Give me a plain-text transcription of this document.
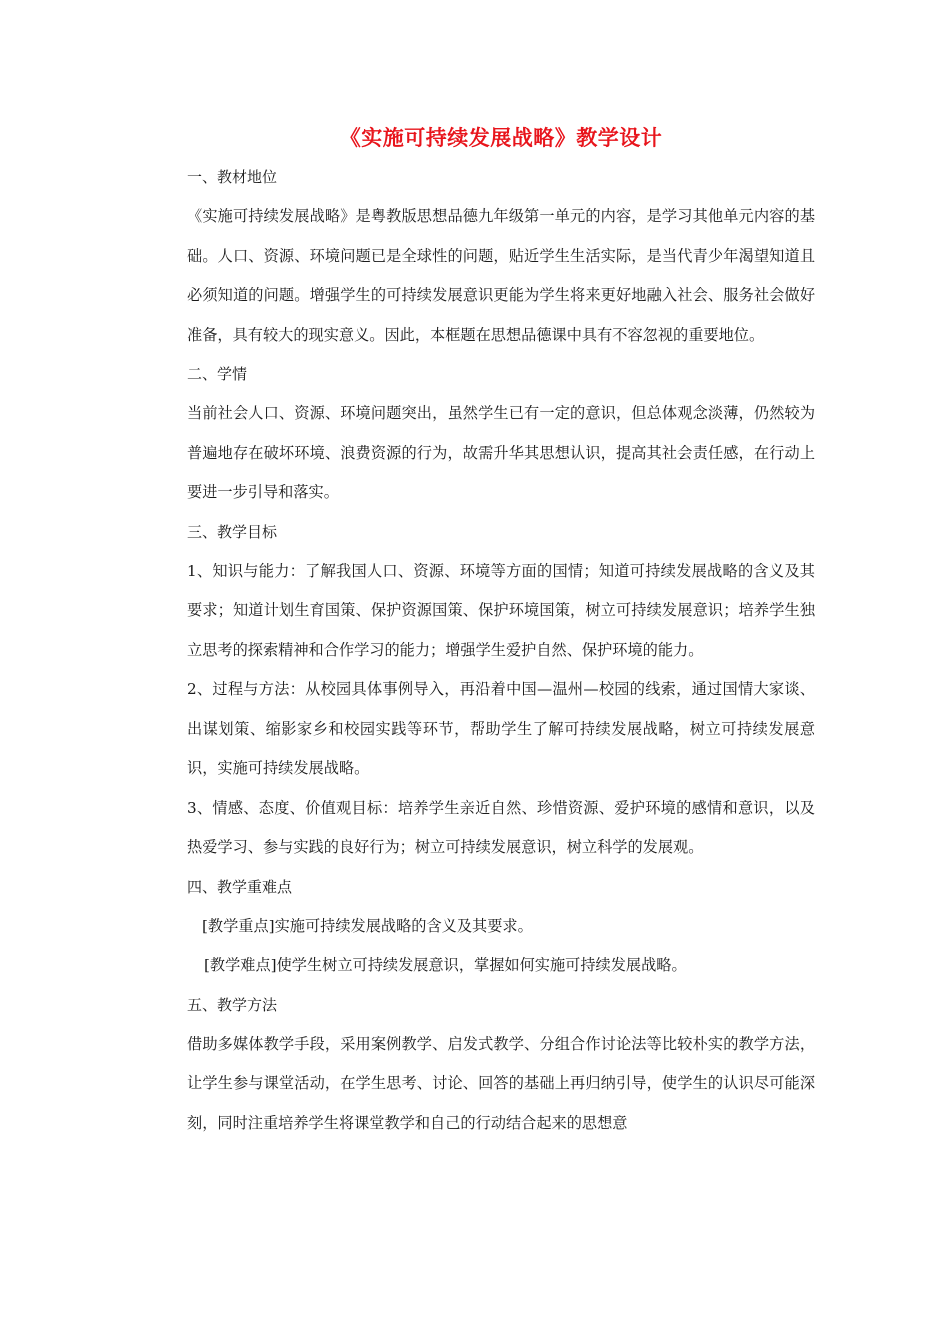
《实施可持续发展战略》教学设计

一、教材地位

《实施可持续发展战略》是粤教版思想品德九年级第一单元的内容，是学习其他单元内容的基础。人口、资源、环境问题已是全球性的问题，贴近学生生活实际，是当代青少年渴望知道且必须知道的问题。增强学生的可持续发展意识更能为学生将来更好地融入社会、服务社会做好准备，具有较大的现实意义。因此，本框题在思想品德课中具有不容忽视的重要地位。

二、学情

当前社会人口、资源、环境问题突出，虽然学生已有一定的意识，但总体观念淡薄，仍然较为普遍地存在破坏环境、浪费资源的行为，故需升华其思想认识，提高其社会责任感，在行动上要进一步引导和落实。

三、教学目标

1、知识与能力：了解我国人口、资源、环境等方面的国情；知道可持续发展战略的含义及其要求；知道计划生育国策、保护资源国策、保护环境国策，树立可持续发展意识；培养学生独立思考的探索精神和合作学习的能力；增强学生爱护自然、保护环境的能力。

2、过程与方法：从校园具体事例导入，再沿着中国—温州—校园的线索，通过国情大家谈、出谋划策、缩影家乡和校园实践等环节，帮助学生了解可持续发展战略，树立可持续发展意识，实施可持续发展战略。

3、情感、态度、价值观目标：培养学生亲近自然、珍惜资源、爱护环境的感情和意识，以及热爱学习、参与实践的良好行为；树立可持续发展意识，树立科学的发展观。

四、教学重难点

[教学重点]实施可持续发展战略的含义及其要求。

[教学难点]使学生树立可持续发展意识，掌握如何实施可持续发展战略。

五、教学方法

借助多媒体教学手段，采用案例教学、启发式教学、分组合作讨论法等比较朴实的教学方法，让学生参与课堂活动，在学生思考、讨论、回答的基础上再归纳引导，使学生的认识尽可能深刻，同时注重培养学生将课堂教学和自己的行动结合起来的思想意
